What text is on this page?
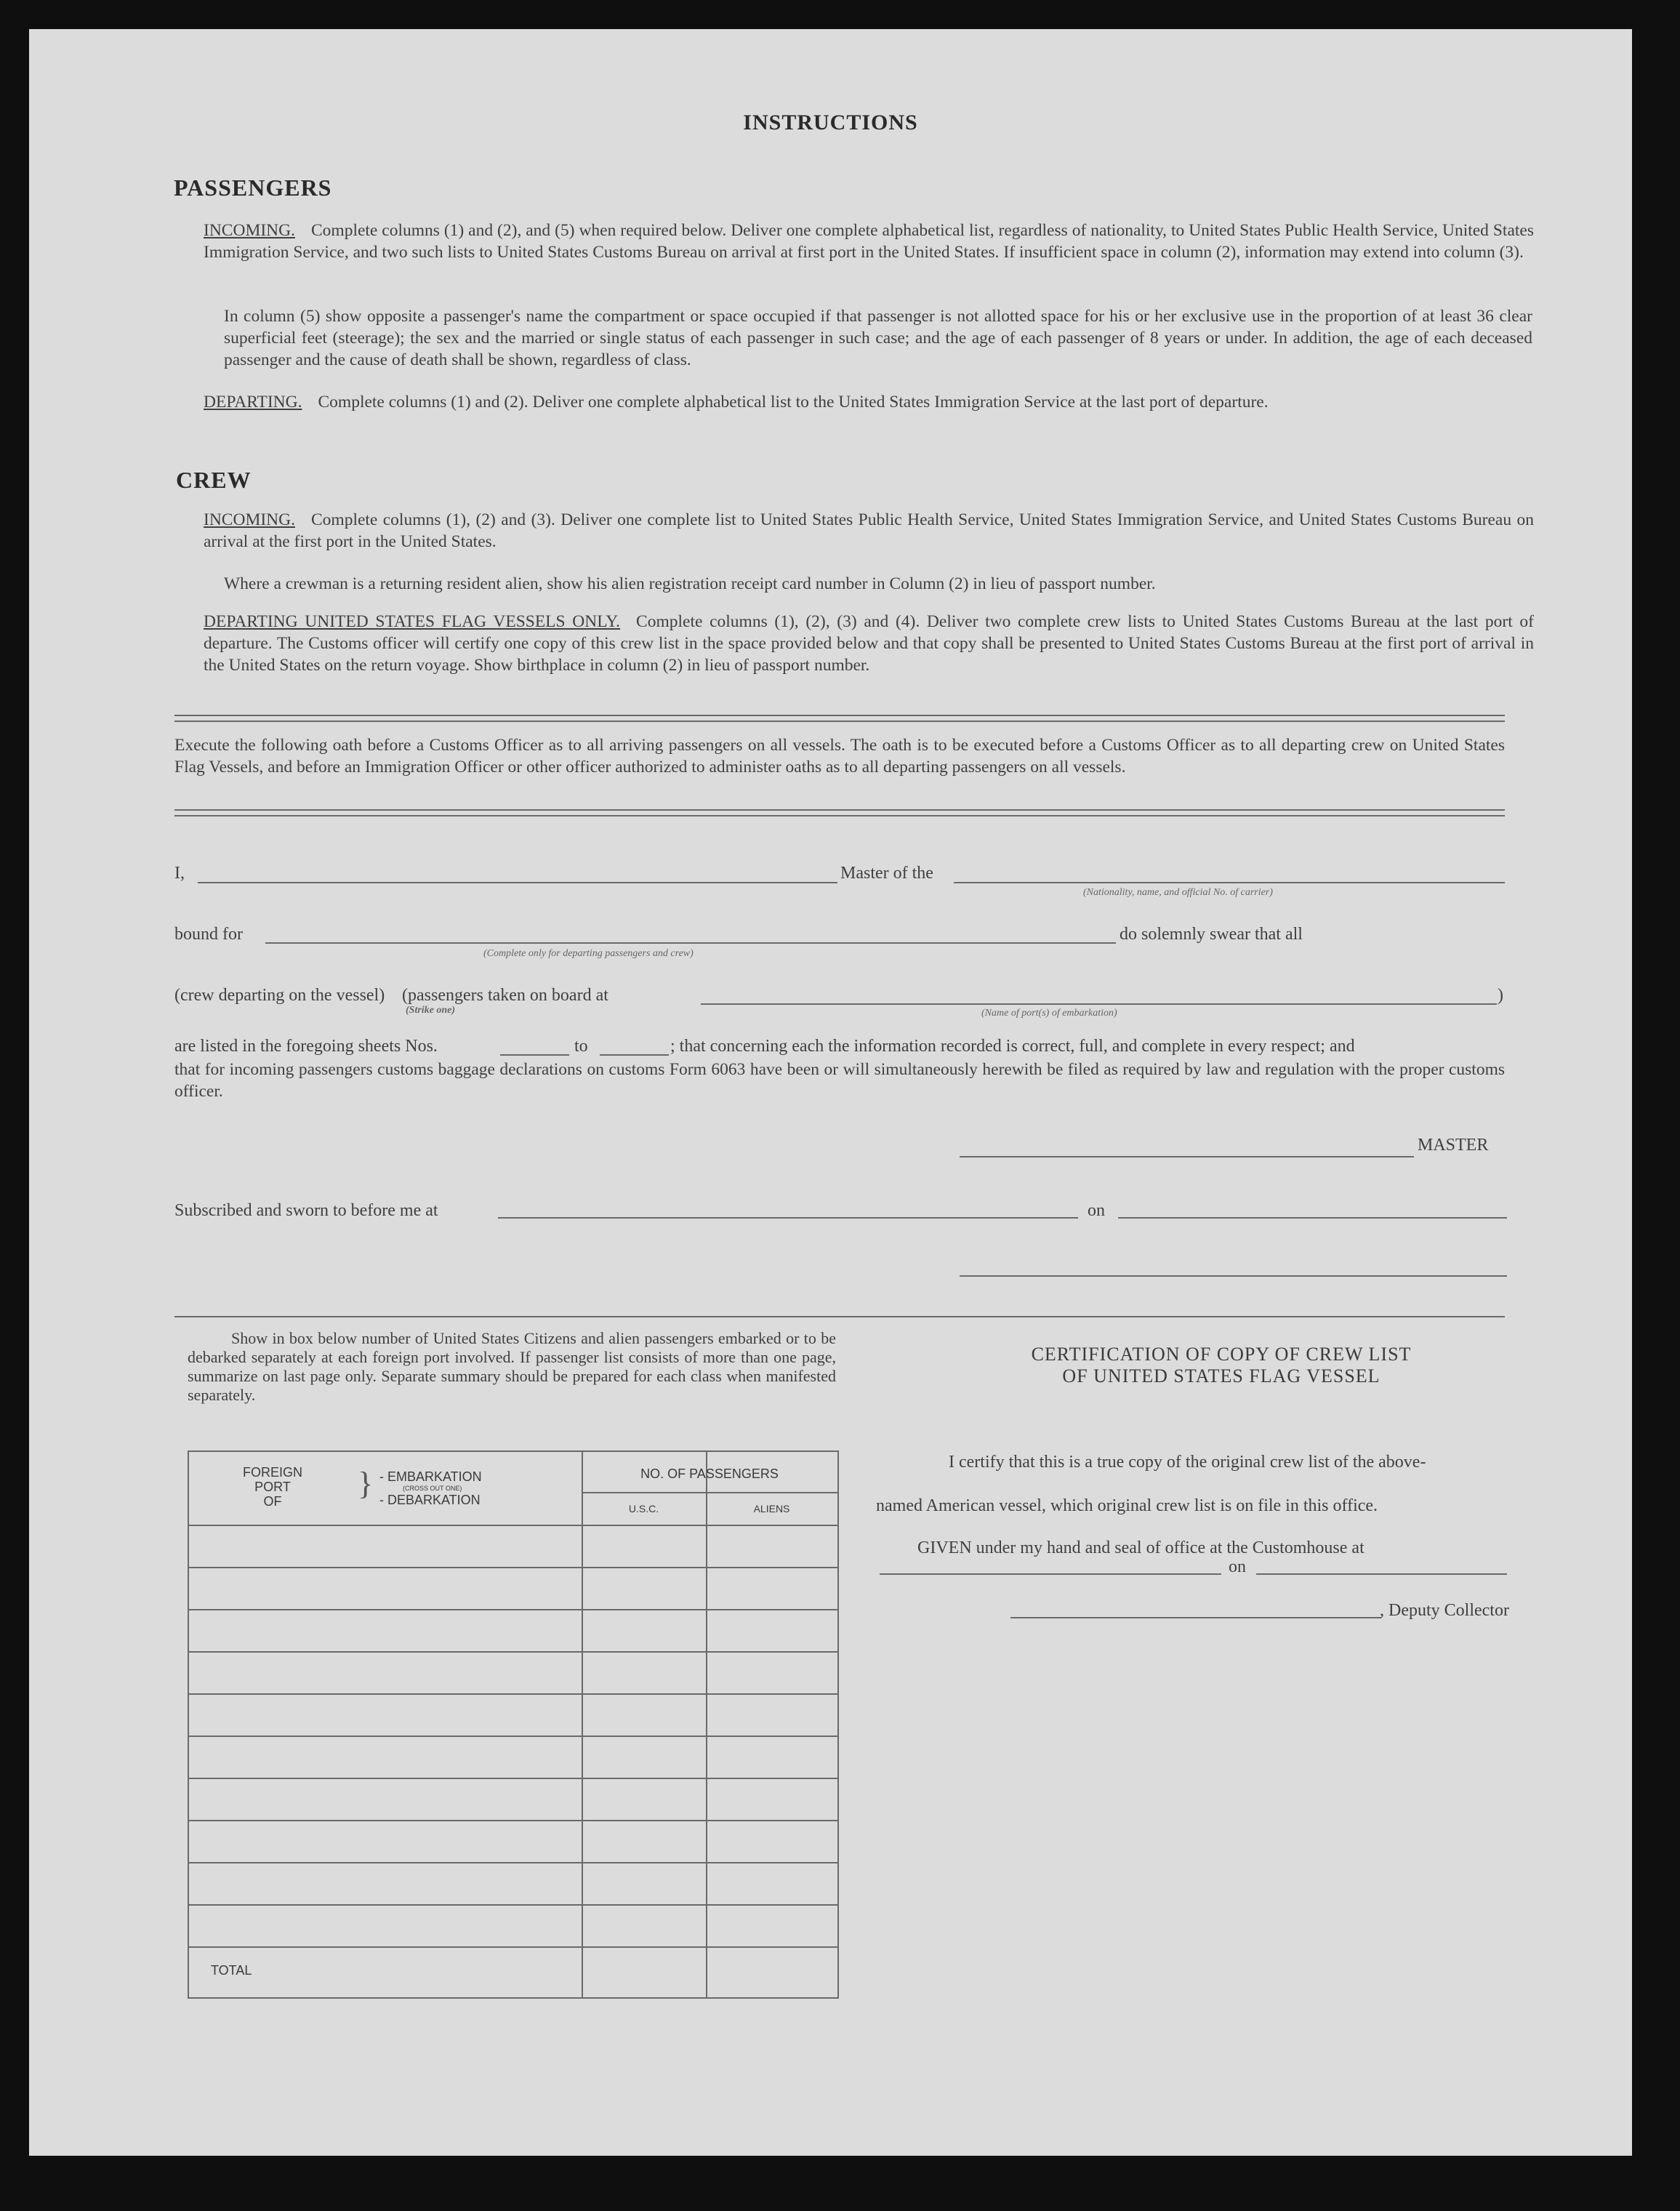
INSTRUCTIONS
PASSENGERS
INCOMING. Complete columns (1) and (2), and (5) when required below. Deliver one complete alphabetical list, regardless of nationality, to United States Public Health Service, United States Immigration Service, and two such lists to United States Customs Bureau on arrival at first port in the United States. If insufficient space in column (2), information may extend into column (3).
In column (5) show opposite a passenger's name the compartment or space occupied if that passenger is not allotted space for his or her exclusive use in the proportion of at least 36 clear superficial feet (steerage); the sex and the married or single status of each passenger in such case; and the age of each passenger of 8 years or under. In addition, the age of each deceased passenger and the cause of death shall be shown, regardless of class.
DEPARTING. Complete columns (1) and (2). Deliver one complete alphabetical list to the United States Immigration Service at the last port of departure.
CREW
INCOMING. Complete columns (1), (2) and (3). Deliver one complete list to United States Public Health Service, United States Immigration Service, and United States Customs Bureau on arrival at the first port in the United States.
Where a crewman is a returning resident alien, show his alien registration receipt card number in Column (2) in lieu of passport number.
DEPARTING UNITED STATES FLAG VESSELS ONLY. Complete columns (1), (2), (3) and (4). Deliver two complete crew lists to United States Customs Bureau at the last port of departure. The Customs officer will certify one copy of this crew list in the space provided below and that copy shall be presented to United States Customs Bureau at the first port of arrival in the United States on the return voyage. Show birthplace in column (2) in lieu of passport number.
Execute the following oath before a Customs Officer as to all arriving passengers on all vessels. The oath is to be executed before a Customs Officer as to all departing crew on United States Flag Vessels, and before an Immigration Officer or other officer authorized to administer oaths as to all departing passengers on all vessels.
I,	Master of the
(Nationality, name, and official No. of carrier)
bound for
(Complete only for departing passengers and crew)
do solemnly swear that all
(crew departing on the vessel) (passengers taken on board at	)
(Strike one)	(Name of port(s) of embarkation)
are listed in the foregoing sheets Nos.	to	; that concerning each the information recorded is correct, full, and complete in every respect; and
that for incoming passengers customs baggage declarations on customs Form 6063 have been or will simultaneously herewith be filed as required by law and regulation with the proper customs officer.
MASTER
Subscribed and sworn to before me at	on
Show in box below number of United States Citizens and alien passengers embarked or to be debarked separately at each foreign port involved. If passenger list consists of more than one page, summarize on last page only. Separate summary should be prepared for each class when manifested separately.
FOREIGN
PORT
OF	} - EMBARKATION
(CROSS OUT ONE)
- DEBARKATION
NO. OF PASSENGERS
U.S.C.	ALIENS
TOTAL
CERTIFICATION OF COPY OF CREW LIST
OF UNITED STATES FLAG VESSEL
I certify that this is a true copy of the original crew list of the above-
named American vessel, which original crew list is on file in this office.
GIVEN under my hand and seal of office at the Customhouse at
on
, Deputy Collector
